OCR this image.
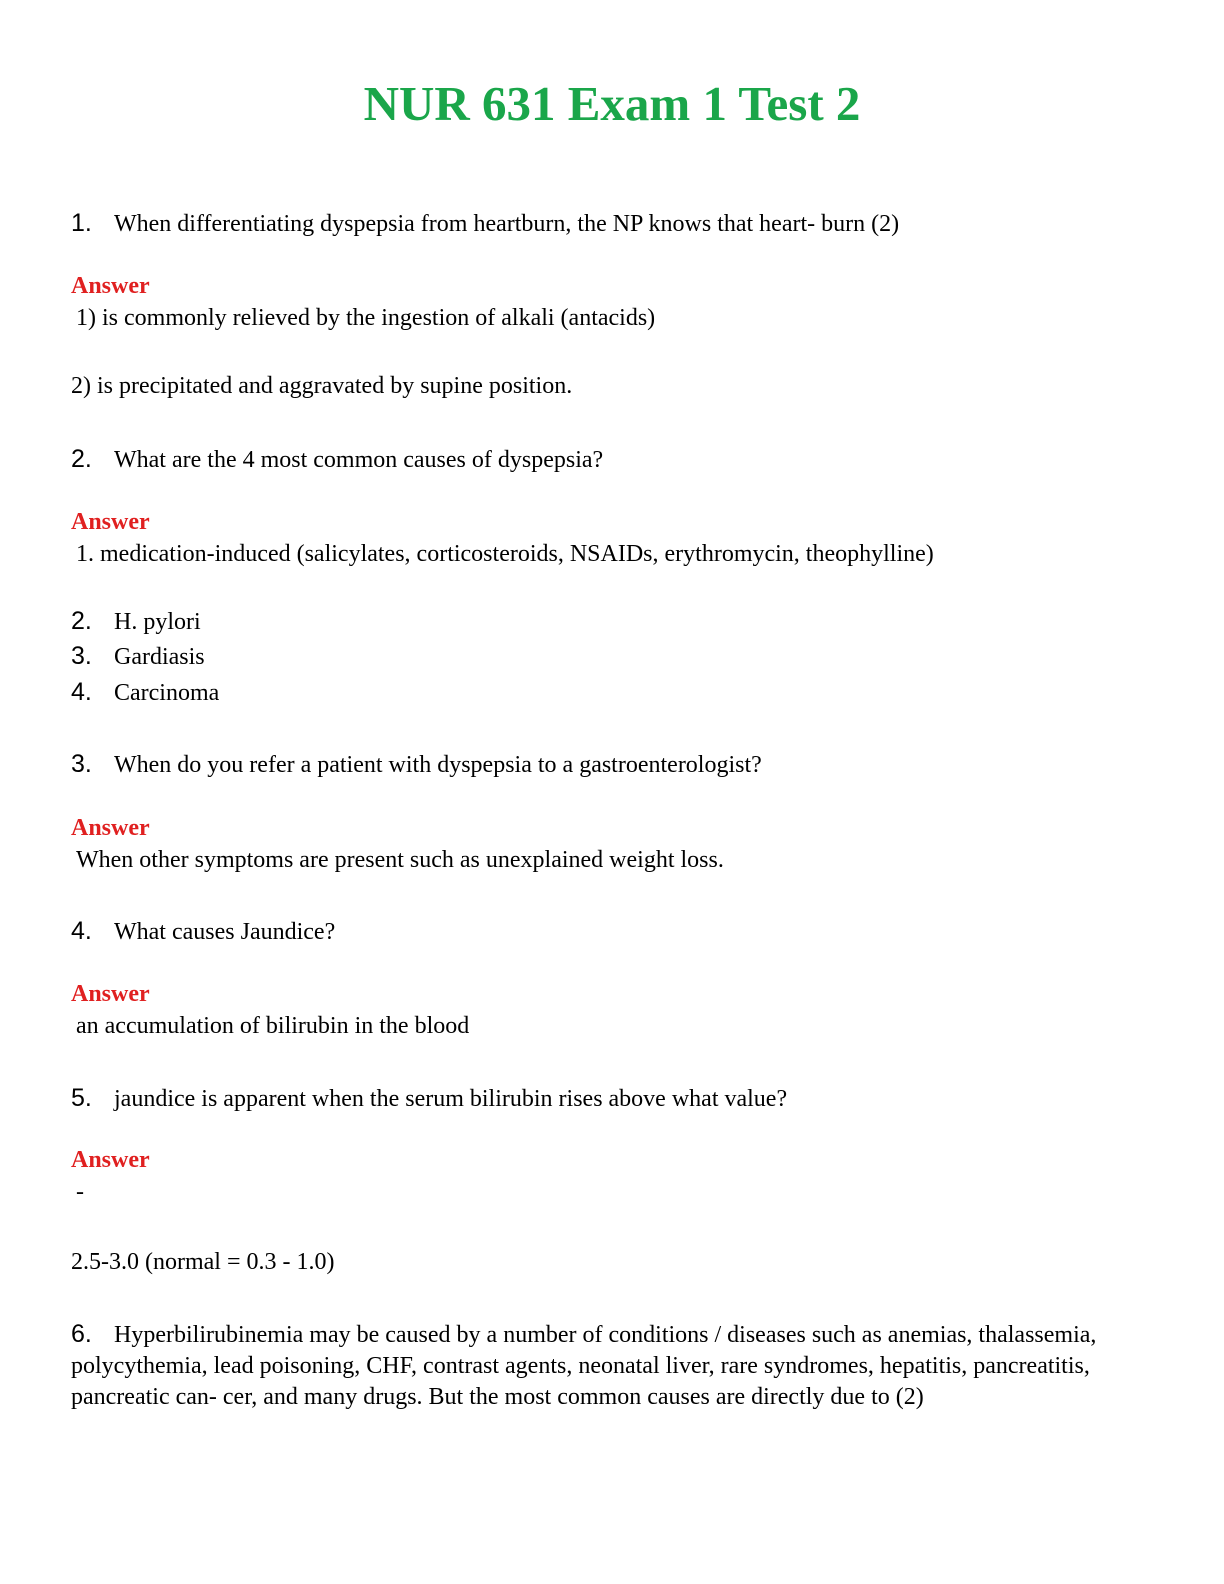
NUR 631 Exam 1 Test 2
1. When differentiating dyspepsia from heartburn, the NP knows that heart- burn (2)
Answer
1) is commonly relieved by the ingestion of alkali (antacids)
2) is precipitated and aggravated by supine position.
2. What are the 4 most common causes of dyspepsia?
Answer
1. medication-induced (salicylates, corticosteroids, NSAIDs, erythromycin, theophylline)
2. H. pylori
3. Gardiasis
4. Carcinoma
3. When do you refer a patient with dyspepsia to a gastroenterologist?
Answer
When other symptoms are present such as unexplained weight loss.
4. What causes Jaundice?
Answer
an accumulation of bilirubin in the blood
5. jaundice is apparent when the serum bilirubin rises above what value?
Answer
-
2.5-3.0 (normal = 0.3 - 1.0)
6. Hyperbilirubinemia may be caused by a number of conditions / diseases such as anemias, thalassemia, polycythemia, lead poisoning, CHF, contrast agents, neonatal liver, rare syndromes, hepatitis, pancreatitis, pancreatic can- cer, and many drugs. But the most common causes are directly due to (2)
